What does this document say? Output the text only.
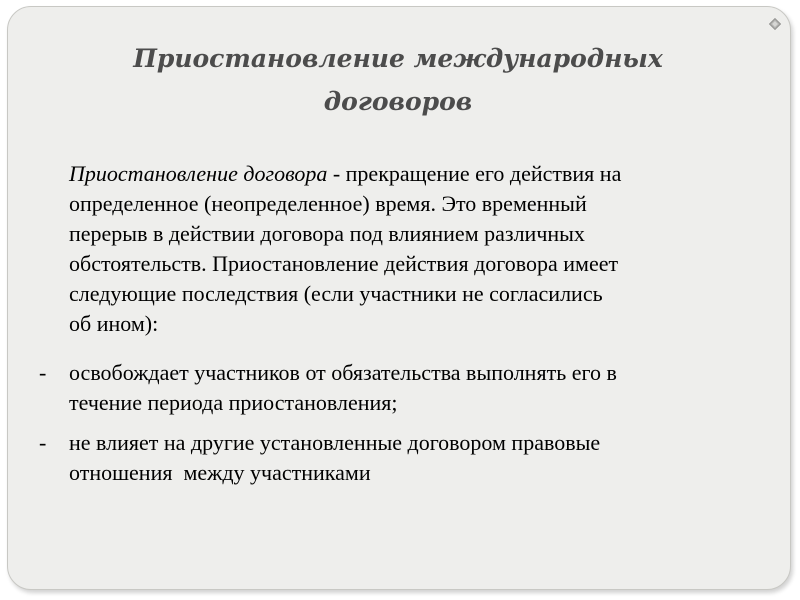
Приостановление международных
договоров

Приостановление договора - прекращение его действия на
определенное (неопределенное) время. Это временный
перерыв в действии договора под влиянием различных
обстоятельств. Приостановление действия договора имеет
следующие последствия (если участники не согласились
об ином):

- освобождает участников от обязательства выполнять его в
течение периода приостановления;

- не влияет на другие установленные договором правовые
отношения  между участниками
